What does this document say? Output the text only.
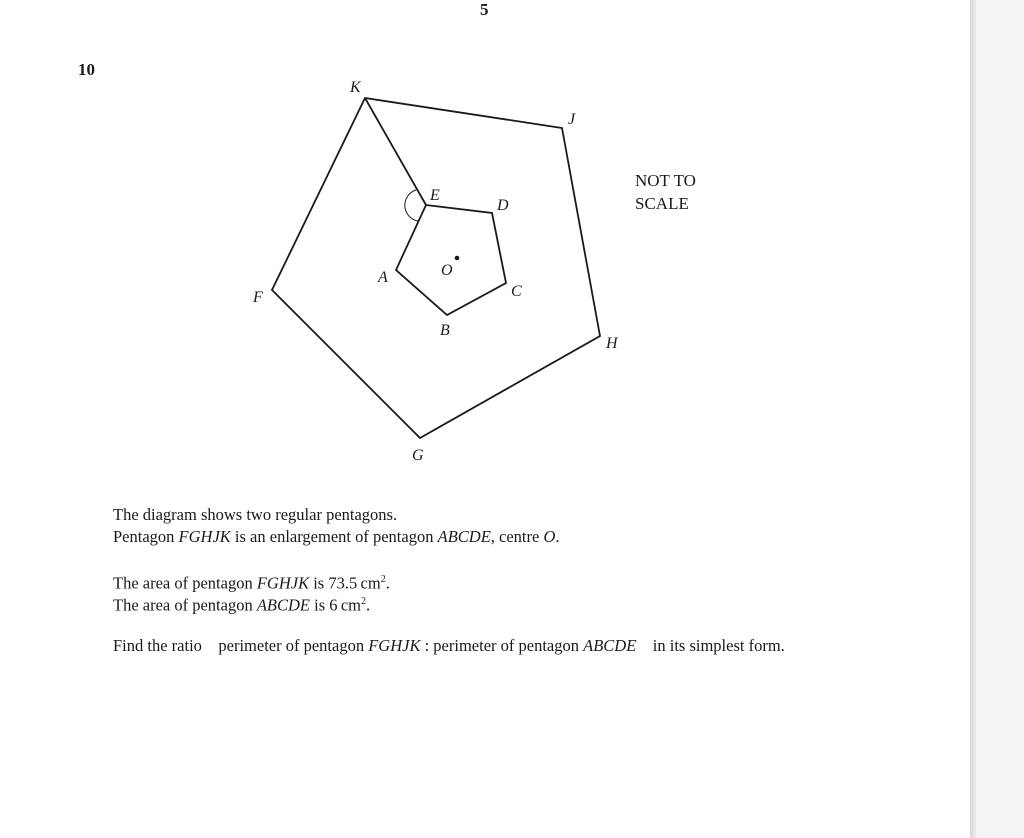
5
10
K
J
H
G
F
A
B
C
D
E
O
NOT TO
SCALE
The diagram shows two regular pentagons.
Pentagon FGHJK is an enlargement of pentagon ABCDE, centre O.
The area of pentagon FGHJK is 73.5 $cm^2$.
The area of pentagon ABCDE is 6 $cm^2$.
Find the ratio    perimeter of pentagon FGHJK : perimeter of pentagon ABCDE    in its simplest form.
